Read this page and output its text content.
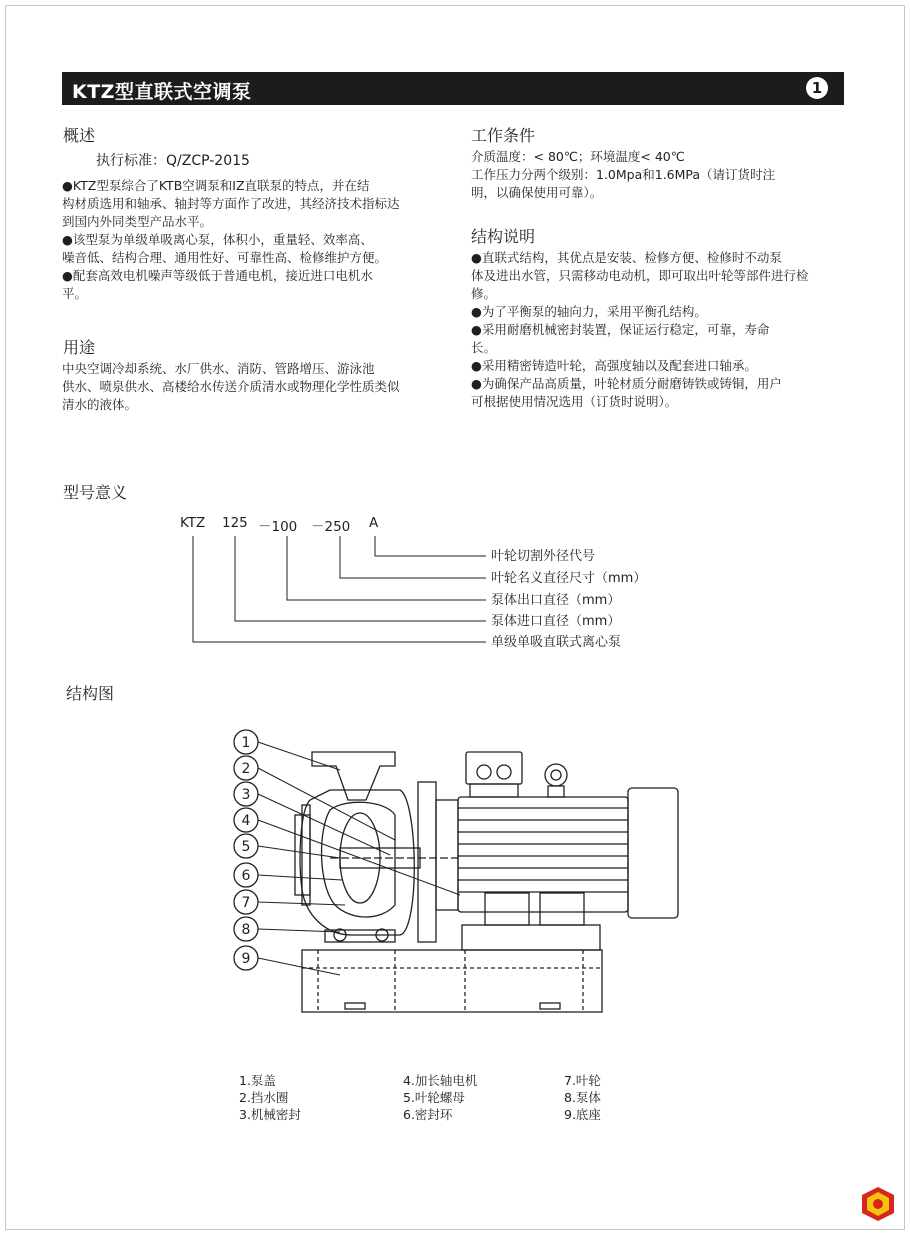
KTZ型直联式空调泵	1
概述
执行标准：Q/ZCP-2015
●KTZ型泵综合了KTB空调泵和IZ直联泵的特点，并在结
构材质选用和轴承、轴封等方面作了改进，其经济技术指标达
到国内外同类型产品水平。
●该型泵为单级单吸离心泵，体积小，重量轻、效率高、
噪音低、结构合理、通用性好、可靠性高、检修维护方便。
●配套高效电机噪声等级低于普通电机，接近进口电机水
平。
用途
中央空调冷却系统、水厂供水、消防、管路增压、游泳池
供水、喷泉供水、高楼给水传送介质清水或物理化学性质类似
清水的液体。
工作条件
介质温度：< 80℃；环境温度< 40℃
工作压力分两个级别：1.0Mpa和1.6MPa（请订货时注
明，以确保使用可靠）。
结构说明
●直联式结构，其优点是安装、检修方便、检修时不动泵
体及进出水管，只需移动电动机，即可取出叶轮等部件进行检
修。
●为了平衡泵的轴向力，采用平衡孔结构。
●采用耐磨机械密封装置，保证运行稳定，可靠，寿命
长。
●采用精密铸造叶轮，高强度轴以及配套进口轴承。
●为确保产品高质量，叶轮材质分耐磨铸铁或铸铜，用户
可根据使用情况选用（订货时说明）。
型号意义
KTZ 125 －100 －250 A
叶轮切割外径代号
叶轮名义直径尺寸（mm）
泵体出口直径（mm）
泵体进口直径（mm）
单级单吸直联式离心泵
结构图
1
2
3
4
5
6
7
8
9
1.泵盖
2.挡水圈
3.机械密封
4.加长轴电机
5.叶轮螺母
6.密封环
7.叶轮
8.泵体
9.底座
